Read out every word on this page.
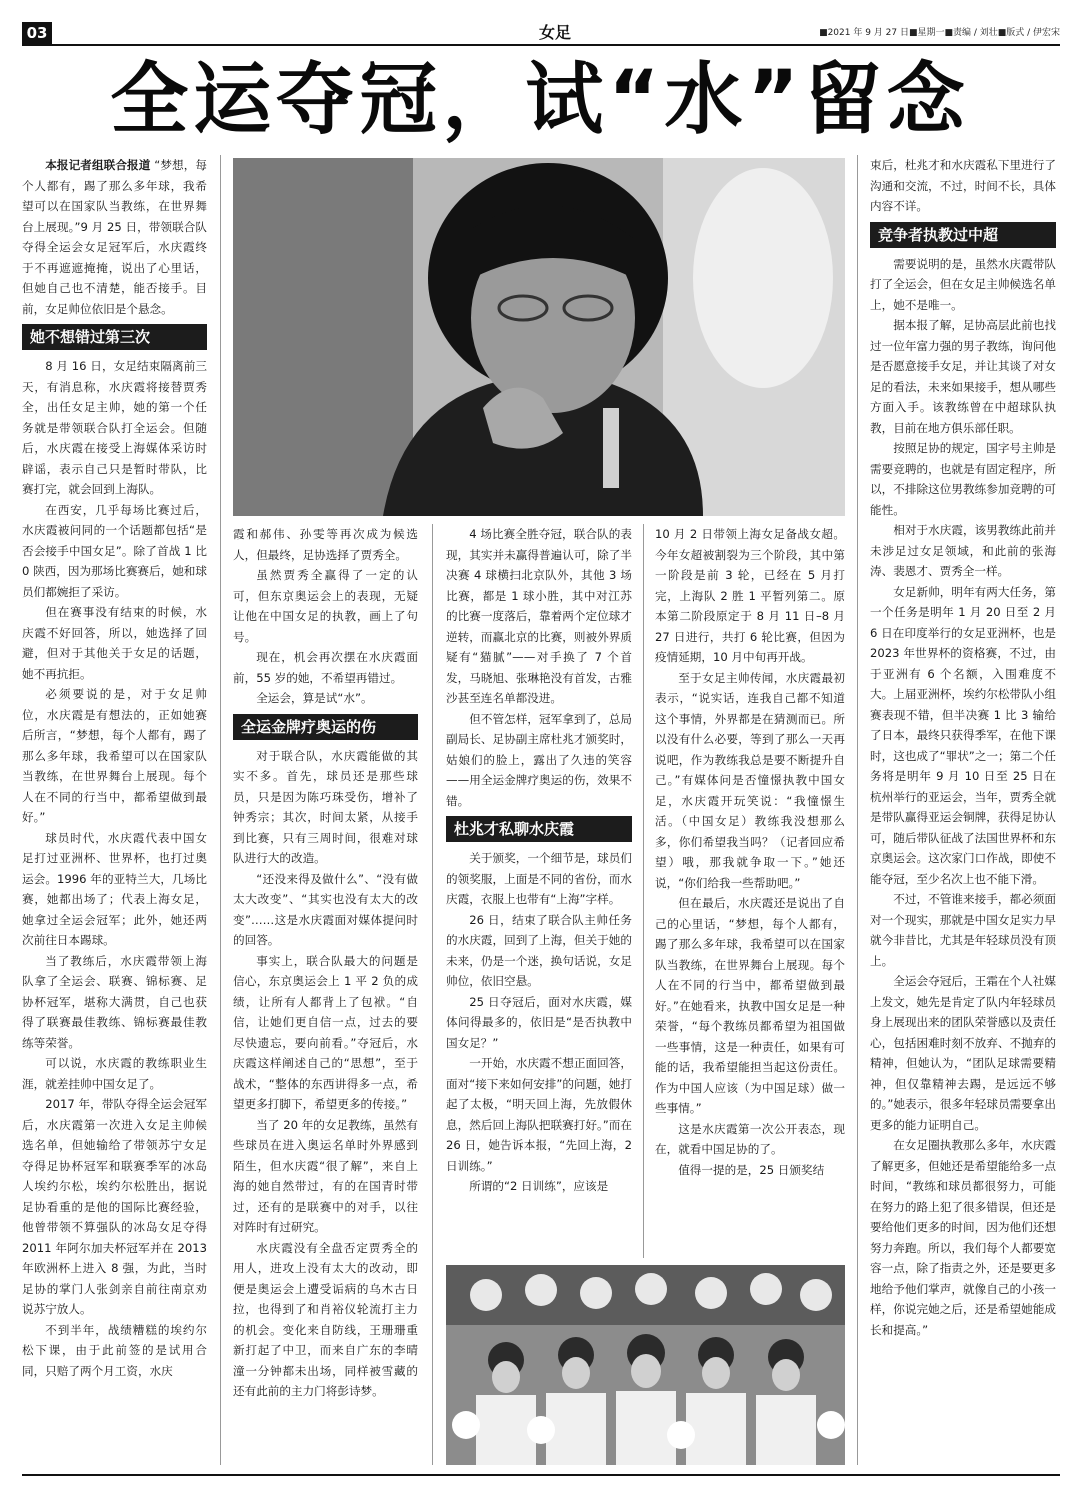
03	女足	■2021 年 9 月 27 日■星期一■责编 / 刘壮■版式 / 伊宏宋
全运夺冠，试“水”留念

本报记者组联合报道 “梦想，每个人都有，踢了那么多年球，我希望可以在国家队当教练，在世界舞台上展现。”9 月 25 日，带领联合队夺得全运会女足冠军后，水庆霞终于不再遮遮掩掩，说出了心里话，但她自己也不清楚，能否接手。目前，女足帅位依旧是个悬念。

她不想错过第三次

8 月 16 日，女足结束隔离前三天，有消息称，水庆霞将接替贾秀全，出任女足主帅，她的第一个任务就是带领联合队打全运会。但随后，水庆霞在接受上海媒体采访时辟谣，表示自己只是暂时带队，比赛打完，就会回到上海队。

在西安，几乎每场比赛过后，水庆霞被问同的一个话题都包括“是否会接手中国女足”。除了首战 1 比 0 陕西，因为那场比赛赛后，她和球员们都婉拒了采访。

但在赛事没有结束的时候，水庆霞不好回答，所以，她选择了回避，但对于其他关于女足的话题，她不再抗拒。

必须要说的是，对于女足帅位，水庆霞是有想法的，正如她赛后所言，“梦想，每个人都有，踢了那么多年球，我希望可以在国家队当教练，在世界舞台上展现。每个人在不同的行当中，都希望做到最好。”

球员时代，水庆霞代表中国女足打过亚洲杯、世界杯，也打过奥运会。1996 年的亚特兰大，几场比赛，她都出场了；代表上海女足，她拿过全运会冠军；此外，她还两次前往日本踢球。

当了教练后，水庆霞带领上海队拿了全运会、联赛、锦标赛、足协杯冠军，堪称大满贯，自己也获得了联赛最佳教练、锦标赛最佳教练等荣誉。

可以说，水庆霞的教练职业生涯，就差挂帅中国女足了。

2017 年，带队夺得全运会冠军后，水庆霞第一次进入女足主帅候选名单，但她输给了带领苏宁女足夺得足协杯冠军和联赛季军的冰岛人埃约尔松，埃约尔松胜出，据说足协看重的是他的国际比赛经验，他曾带领不算强队的冰岛女足夺得 2011 年阿尔加夫杯冠军并在 2013 年欧洲杯上进入 8 强，为此，当时足协的掌门人张剑亲自前往南京劝说苏宁放人。

不到半年，战绩糟糕的埃约尔松下课，由于此前签的是试用合同，只赔了两个月工资，水庆

霞和郝伟、孙雯等再次成为候选人，但最终，足协选择了贾秀全。

虽然贾秀全赢得了一定的认可，但东京奥运会上的表现，无疑让他在中国女足的执教，画上了句号。

现在，机会再次摆在水庆霞面前，55 岁的她，不希望再错过。

全运会，算是试“水”。

全运金牌疗奥运的伤

对于联合队，水庆霞能做的其实不多。首先，球员还是那些球员，只是因为陈巧珠受伤，增补了钟秀宗；其次，时间太紧，从接手到比赛，只有三周时间，很难对球队进行大的改造。

“还没来得及做什么”、“没有做太大改变”、“其实也没有太大的改变”……这是水庆霞面对媒体提问时的回答。

事实上，联合队最大的问题是信心，东京奥运会上 1 平 2 负的成绩，让所有人都背上了包袱。“自信，让她们更自信一点，过去的要尽快遗忘，要向前看。”夺冠后，水庆霞这样阐述自己的“思想”，至于战术，“整体的东西讲得多一点，希望更多打脚下，希望更多的传接。”

当了 20 年的女足教练，虽然有些球员在进入奥运名单时外界感到陌生，但水庆霞“很了解”，来自上海的她自然带过，有的在国青时带过，还有的是联赛中的对手，以往对阵时有过研究。

水庆霞没有全盘否定贾秀全的用人，进攻上没有太大的改动，即便是奥运会上遭受诟病的乌木古日拉，也得到了和肖裕仪轮流打主力的机会。变化来自防线，王珊珊重新打起了中卫，而来自广东的李晴潼一分钟都未出场，同样被雪藏的还有此前的主力门将彭诗梦。

4 场比赛全胜夺冠，联合队的表现，其实并未赢得普遍认可，除了半决赛 4 球横扫北京队外，其他 3 场比赛，都是 1 球小胜，其中对江苏的比赛一度落后，靠着两个定位球才逆转，而赢北京的比赛，则被外界质疑有“猫腻”——对手换了 7 个首发，马晓旭、张琳艳没有首发，古雅沙甚至连名单都没进。

但不管怎样，冠军拿到了，总局副局长、足协副主席杜兆才颁奖时，姑娘们的脸上，露出了久违的笑容——用全运金牌疗奥运的伤，效果不错。

杜兆才私聊水庆霞

关于颁奖，一个细节是，球员们的领奖服，上面是不同的省份，而水庆霞，衣服上也带有“上海”字样。

26 日，结束了联合队主帅任务的水庆霞，回到了上海，但关于她的未来，仍是一个迷，换句话说，女足帅位，依旧空悬。

25 日夺冠后，面对水庆霞，媒体问得最多的，依旧是“是否执教中国女足？”

一开始，水庆霞不想正面回答，面对“接下来如何安排”的问题，她打起了太极，“明天回上海，先放假休息，然后回上海队把联赛打好。”而在 26 日，她告诉本报，“先回上海，2 日训练。”

所谓的“2 日训练”，应该是

10 月 2 日带领上海女足备战女超。今年女超被割裂为三个阶段，其中第一阶段是前 3 轮，已经在 5 月打完，上海队 2 胜 1 平暂列第二。原本第二阶段原定于 8 月 11 日–8 月 27 日进行，共打 6 轮比赛，但因为疫情延期，10 月中旬再开战。

至于女足主帅传闻，水庆霞最初表示，“说实话，连我自己都不知道这个事情，外界都是在猜测而已。所以没有什么必要，等到了那么一天再说吧，作为教练我总是要不断提升自己。”有媒体问是否憧憬执教中国女足，水庆霞开玩笑说：“我憧憬生活。（中国女足）教练我没想那么多，你们希望我当吗？（记者回应希望）哦，那我就争取一下。”她还说，“你们给我一些帮助吧。”

但在最后，水庆霞还是说出了自己的心里话，“梦想，每个人都有，踢了那么多年球，我希望可以在国家队当教练，在世界舞台上展现。每个人在不同的行当中，都希望做到最好。”在她看来，执教中国女足是一种荣誉，“每个教练员都希望为祖国做一些事情，这是一种责任，如果有可能的话，我希望能担当起这份责任。作为中国人应该（为中国足球）做一些事情。”

这是水庆霞第一次公开表态，现在，就看中国足协的了。

值得一提的是，25 日颁奖结

束后，杜兆才和水庆霞私下里进行了沟通和交流，不过，时间不长，具体内容不详。

竞争者执教过中超

需要说明的是，虽然水庆霞带队打了全运会，但在女足主帅候选名单上，她不是唯一。

据本报了解，足协高层此前也找过一位年富力强的男子教练，询问他是否愿意接手女足，并让其谈了对女足的看法，未来如果接手，想从哪些方面入手。该教练曾在中超球队执教，目前在地方俱乐部任职。

按照足协的规定，国字号主帅是需要竞聘的，也就是有固定程序，所以，不排除这位男教练参加竞聘的可能性。

相对于水庆霞，该男教练此前并未涉足过女足领域，和此前的张海涛、裴恩才、贾秀全一样。

女足新帅，明年有两大任务，第一个任务是明年 1 月 20 日至 2 月 6 日在印度举行的女足亚洲杯，也是 2023 年世界杯的资格赛，不过，由于亚洲有 6 个名额，入围难度不大。上届亚洲杯，埃约尔松带队小组赛表现不错，但半决赛 1 比 3 输给了日本，最终只获得季军，在他下课时，这也成了“罪状”之一；第二个任务将是明年 9 月 10 日至 25 日在杭州举行的亚运会，当年，贾秀全就是带队赢得亚运会铜牌，获得足协认可，随后带队征战了法国世界杯和东京奥运会。这次家门口作战，即使不能夺冠，至少名次上也不能下滑。

不过，不管谁来接手，都必须面对一个现实，那就是中国女足实力早就今非昔比，尤其是年轻球员没有顶上。

全运会夺冠后，王霜在个人社媒上发文，她先是肯定了队内年轻球员身上展现出来的团队荣誉感以及责任心，包括困难时刻不放弃、不抛弃的精神，但她认为，“团队足球需要精神，但仅靠精神去踢，是远远不够的。”她表示，很多年轻球员需要拿出更多的能力证明自己。

在女足圈执教那么多年，水庆霞了解更多，但她还是希望能给多一点时间，“教练和球员都很努力，可能在努力的路上犯了很多错误，但还是要给他们更多的时间，因为他们还想努力奔跑。所以，我们每个人都要宽容一点，除了指责之外，还是要更多地给予他们掌声，就像自己的小孩一样，你说完她之后，还是希望她能成长和提高。”
